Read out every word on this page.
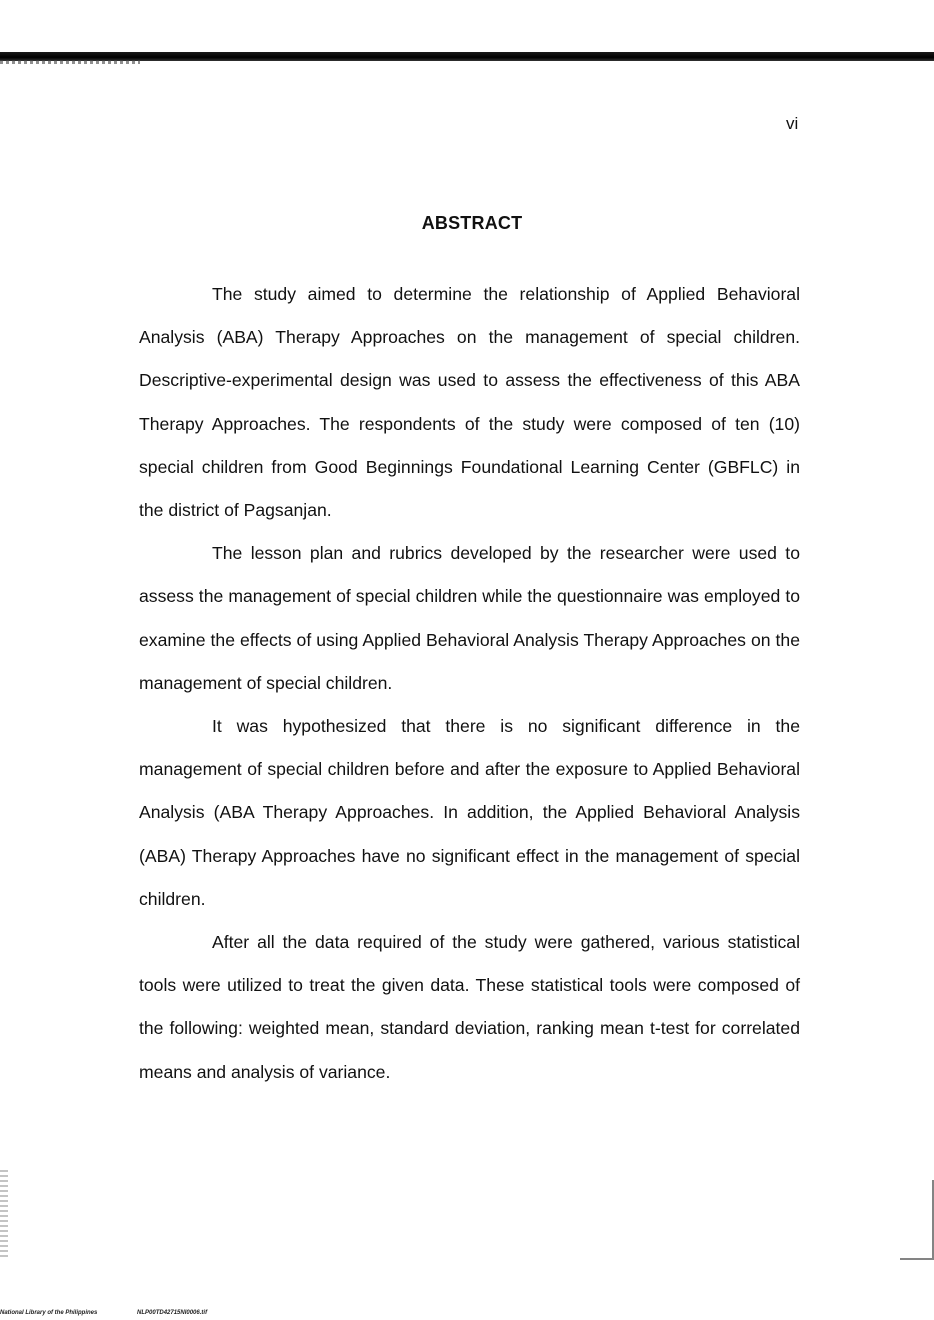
vi
ABSTRACT

The study aimed to determine the relationship of Applied Behavioral Analysis (ABA) Therapy Approaches on the management of special children. Descriptive-experimental design was used to assess the effectiveness of this ABA Therapy Approaches. The respondents of the study were composed of ten (10) special children from Good Beginnings Foundational Learning Center (GBFLC) in the district of Pagsanjan.

The lesson plan and rubrics developed by the researcher were used to assess the management of special children while the questionnaire was employed to examine the effects of using Applied Behavioral Analysis Therapy Approaches on the management of special children.

It was hypothesized that there is no significant difference in the management of special children before and after the exposure to Applied Behavioral Analysis (ABA Therapy Approaches. In addition, the Applied Behavioral Analysis (ABA) Therapy Approaches have no significant effect in the management of special children.

After all the data required of the study were gathered, various statistical tools were utilized to treat the given data. These statistical tools were composed of the following: weighted mean, standard deviation, ranking mean t-test for correlated means and analysis of variance.

National Library of the Philippines	NLP00TD42715NI0006.tif
